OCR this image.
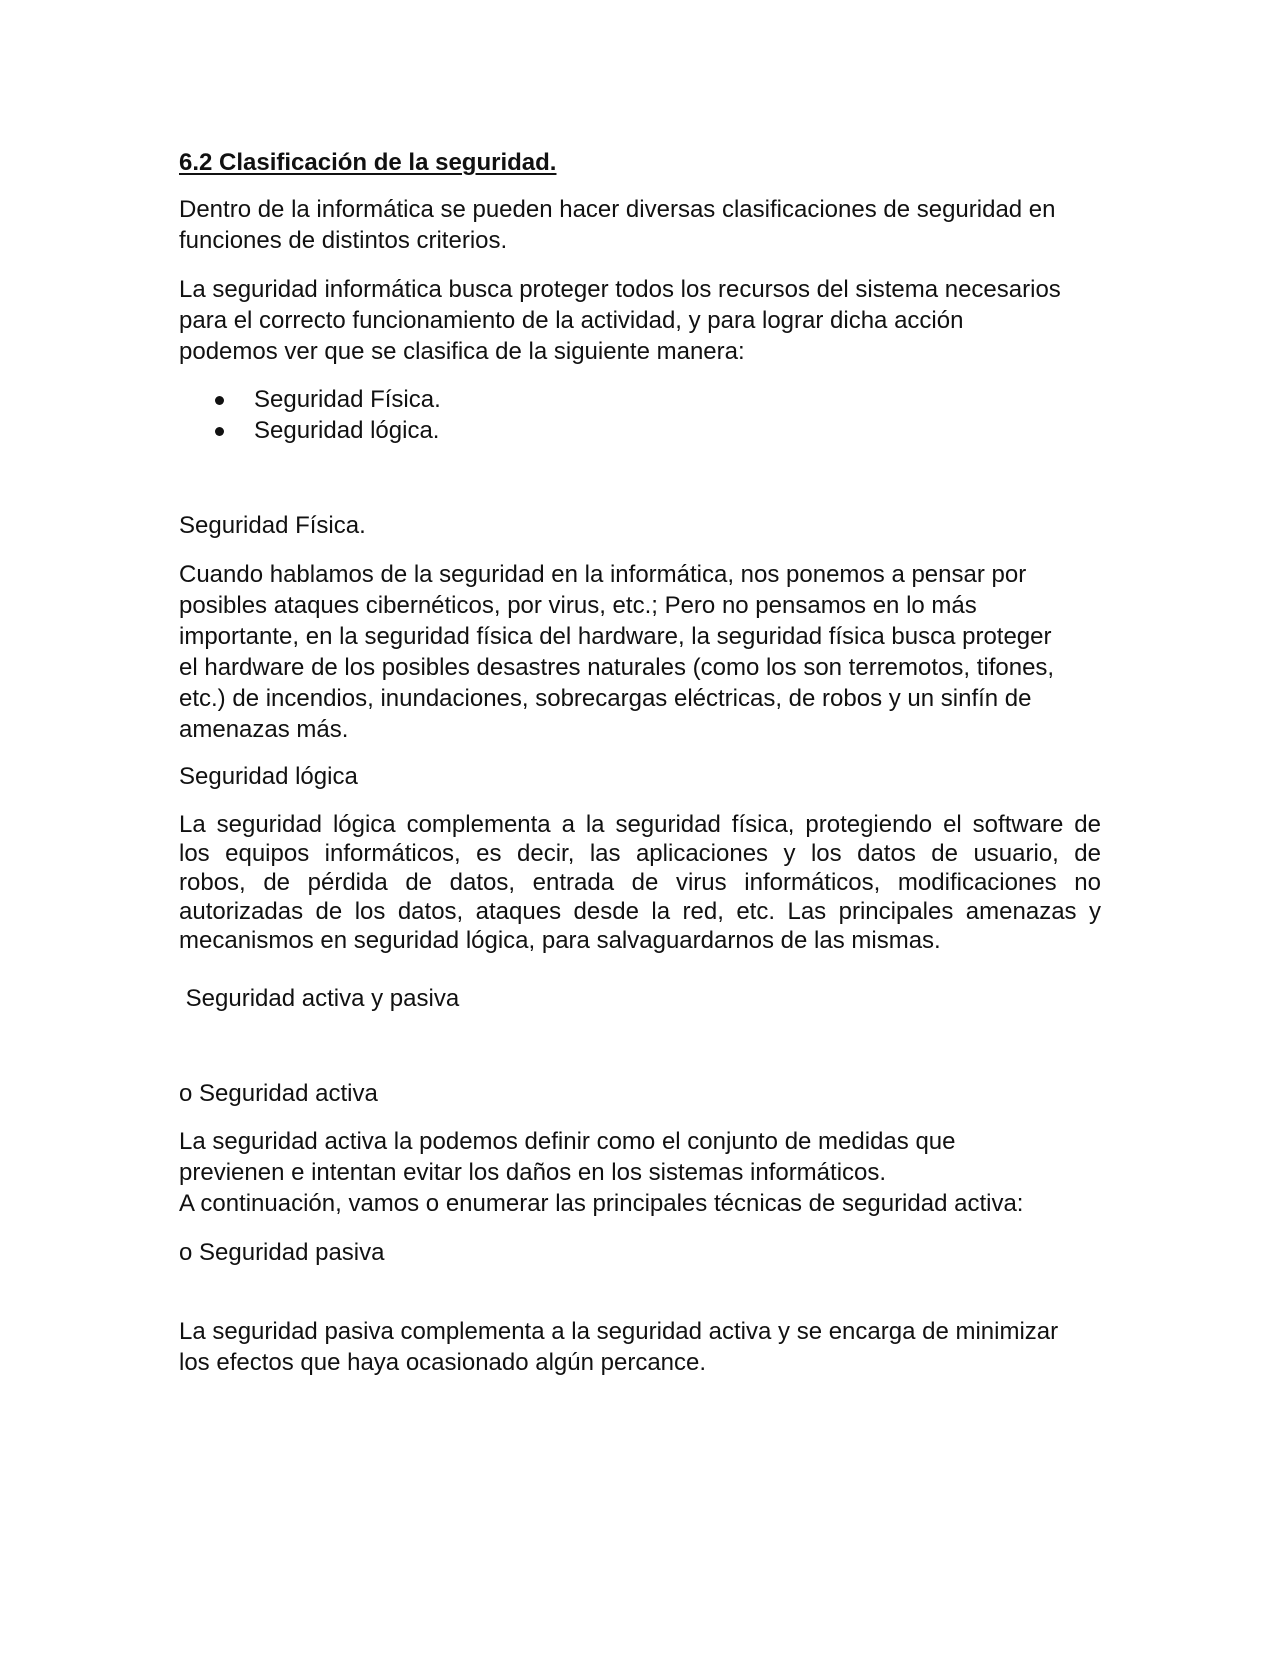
6.2 Clasificación de la seguridad.

Dentro de la informática se pueden hacer diversas clasificaciones de seguridad en
funciones de distintos criterios.

La seguridad informática busca proteger todos los recursos del sistema necesarios
para el correcto funcionamiento de la actividad, y para lograr dicha acción
podemos ver que se clasifica de la siguiente manera:

Seguridad Física.
Seguridad lógica.

Seguridad Física.

Cuando hablamos de la seguridad en la informática, nos ponemos a pensar por
posibles ataques cibernéticos, por virus, etc.; Pero no pensamos en lo más
importante, en la seguridad física del hardware, la seguridad física busca proteger
el hardware de los posibles desastres naturales (como los son terremotos, tifones,
etc.) de incendios, inundaciones, sobrecargas eléctricas, de robos y un sinfín de
amenazas más.

Seguridad lógica

La seguridad lógica complementa a la seguridad física, protegiendo el software de
los equipos informáticos, es decir, las aplicaciones y los datos de usuario, de
robos, de pérdida de datos, entrada de virus informáticos, modificaciones no
autorizadas de los datos, ataques desde la red, etc. Las principales amenazas y
mecanismos en seguridad lógica, para salvaguardarnos de las mismas.

Seguridad activa y pasiva

o Seguridad activa

La seguridad activa la podemos definir como el conjunto de medidas que
previenen e intentan evitar los daños en los sistemas informáticos.
A continuación, vamos o enumerar las principales técnicas de seguridad activa:

o Seguridad pasiva

La seguridad pasiva complementa a la seguridad activa y se encarga de minimizar
los efectos que haya ocasionado algún percance.
